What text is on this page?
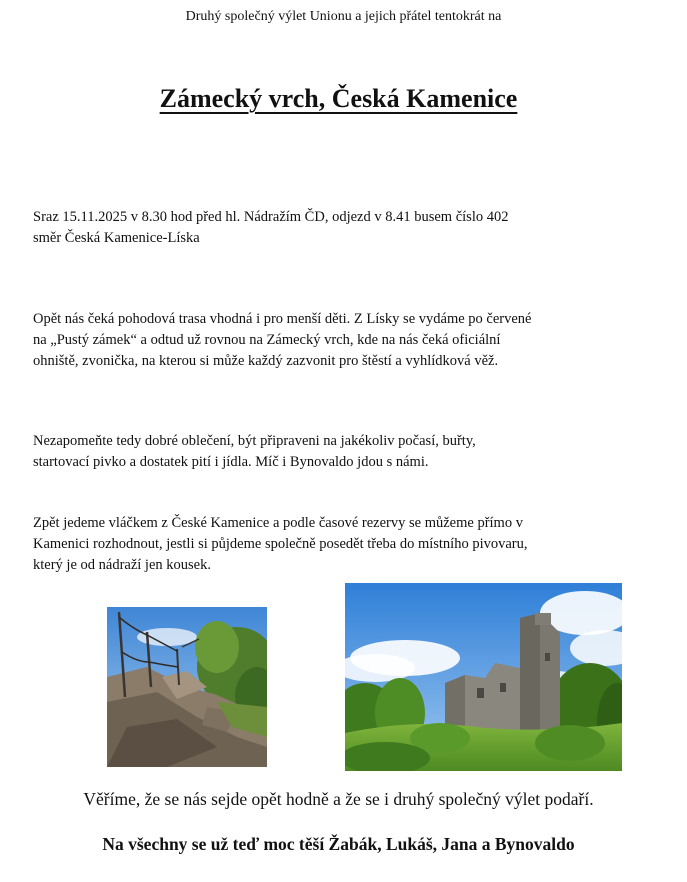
Druhý společný výlet Unionu a jejich přátel tentokrát na
Zámecký vrch, Česká Kamenice
Sraz 15.11.2025 v 8.30 hod před hl. Nádražím ČD, odjezd v 8.41 busem číslo 402
směr Česká Kamenice-Líska
Opět nás čeká pohodová trasa vhodná i pro menší děti. Z Lísky se vydáme po červené
na „Pustý zámek“ a odtud už rovnou na Zámecký vrch, kde na nás čeká oficiální
ohniště, zvonička, na kterou si může každý zazvonit pro štěstí a vyhlídková věž.
Nezapomeňte tedy dobré oblečení, být připraveni na jakékoliv počasí, buřty,
startovací pivko a dostatek pití i jídla. Míč i Bynovaldo jdou s námi.
Zpět jedeme vláčkem z České Kamenice a podle časové rezervy se můžeme přímo v
Kamenici rozhodnout, jestli si půjdeme společně posedět třeba do místního pivovaru,
který je od nádraží jen kousek.
Věříme, že se nás sejde opět hodně a že se i druhý společný výlet podaří.
Na všechny se už teď moc těší Žabák, Lukáš, Jana a Bynovaldo
